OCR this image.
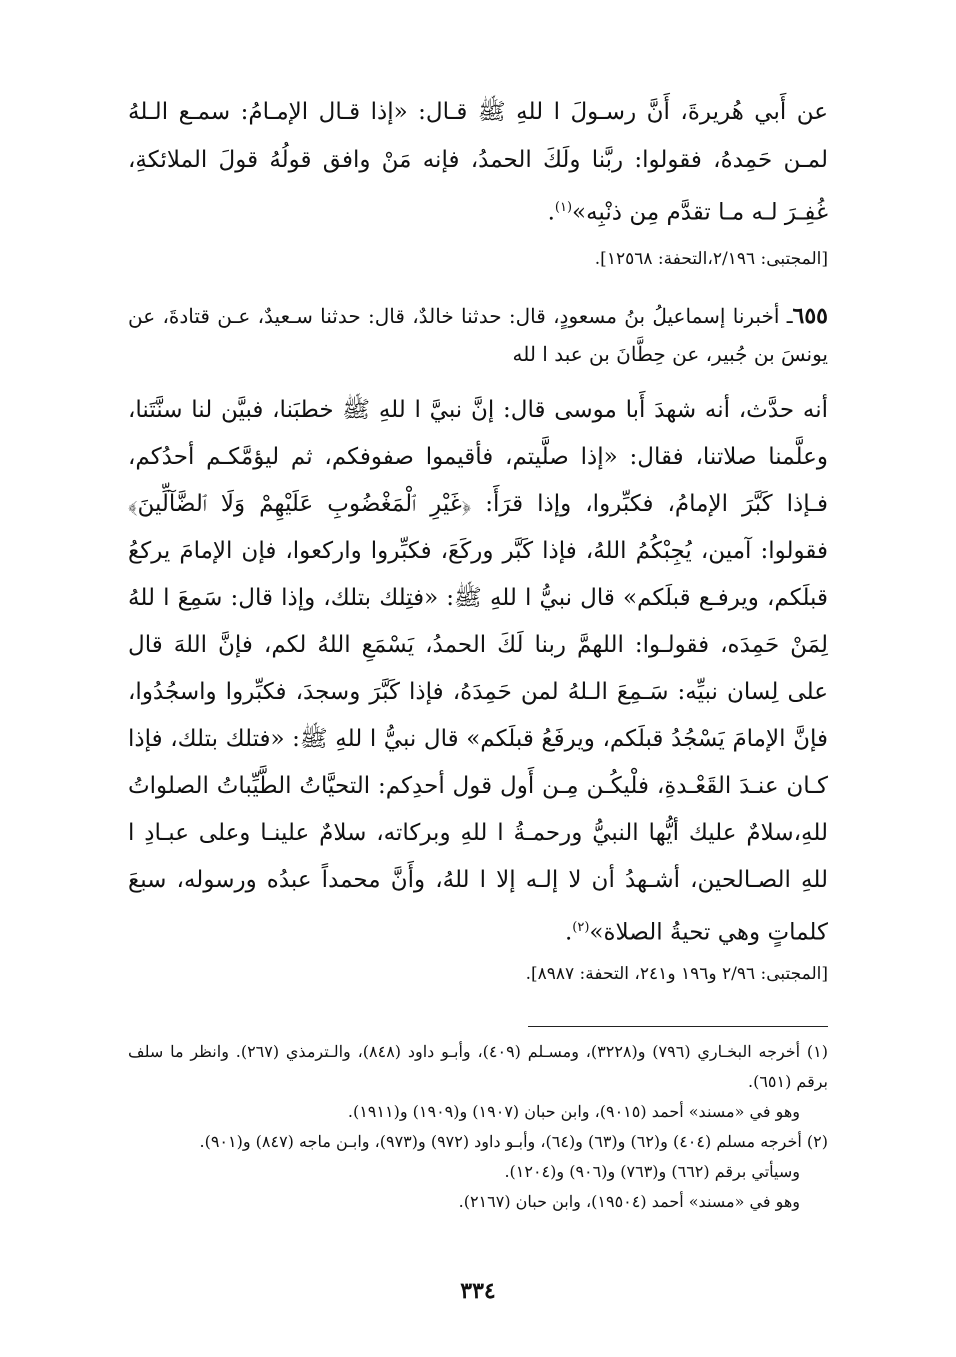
عن أَبي هُريرةَ، أَنَّ رسـولَ ا للهِ ﷺ قـال: «إذا قـال الإمـامُ: سمـع الـلهُ لمـن حَمِدهُ، فقولوا: ربَّنا ولَكَ الحمدُ، فإنه مَنْ وافق قولُهُ قولَ الملائكةِ، غُفِـرَ لـه مـا تقدَّم مِن ذنْبِه»$^{(١)}$.

[المجتبى: ٢/١٩٦،التحفة: ١٢٥٦٨].

٦٥٥ـ أخبرنا إسماعيلُ بنُ مسعودٍ، قال: حدثنا خالدٌ، قال: حدثنا سـعيدٌ، عـن قتادةَ، عن يونسَ بن جُبير، عن حِطَّانَ بن عبد ا لله

أنه حدَّث، أنه شهدَ أَبا موسى قال: إنَّ نبيَّ ا للهِ ﷺ خطبَنا، فبيَّن لنا سنَّتَنا، وعلَّمنا صلاتنا، فقال: «إذا صلَّيتم، فأقيموا صفوفكم، ثم ليؤمَّكـم أحدُكم، فـإذا كَبَّرَ الإمامُ، فكبِّروا، وإذا قرَأَ: ﴿غَيْرِ ٱلْمَغْضُوبِ عَلَيْهِمْ وَلَا ٱلضَّآلِّينَ﴾ فقولوا: آمين، يُجِبْكُمُ اللهُ، فإذا كَبَّر وركَعَ، فكبِّروا واركعوا، فإن الإمامَ يركعُ قبلَكم، ويرفـع قبلَكم» قال نبيُّ ا للهِ ﷺ: «فتِلك بتلك، وإذا قال: سَمِعَ ا للهُ لِمَنْ حَمِدَه، فقولـوا: اللهمَّ ربنا لَكَ الحمدُ، يَسْمَعِ اللهُ لكم، فإنَّ اللهَ قال على لِسان نبيِّه: سَـمِعَ الـلهُ لمن حَمِدَهُ، فإذا كَبَّرَ وسجدَ، فكبِّروا واسجُدُوا، فإنَّ الإمامَ يَسْجُدُ قبلَكم، ويرفَعُ قبلَكم» قال نبيُّ ا للهِ ﷺ: «فتلك بتلك، فإذا كـان عنـدَ القَعْـدةِ، فلْيكُـن مِـن أَول قول أحدِكم: التحيَّاتُ الطَّيِّباتُ الصلواتُ للهِ،سلامٌ عليك أيُّها النبيُّ ورحمـةُ ا للهِ وبركاته، سلامٌ علينـا وعلى عبـادِ ا للهِ الصـالحين، أشـهدُ أن لا إلـه إلا ا للهُ، وأَنَّ محمداً عبدُه ورسوله، سبعَ كلماتٍ وهي تحيةُ الصلاة»$^{(٢)}$.

[المجتبى: ٢/٩٦ و١٩٦ و٢٤١، التحفة: ٨٩٨٧].

(١) أخرجه البخـاري (٧٩٦) و(٣٢٢٨)، ومسـلم (٤٠٩)، وأبـو داود (٨٤٨)، والـترمذي (٢٦٧). وانظر ما سلف برقم (٦٥١).

وهو في «مسند» أحمد (٩٠١٥)، وابن حبان (١٩٠٧) و(١٩٠٩) و(١٩١١).

(٢) أخرجه مسلم (٤٠٤) و(٦٢) و(٦٣) و(٦٤)، وأبـو داود (٩٧٢) و(٩٧٣)، وابـن ماجه (٨٤٧) و(٩٠١).

وسيأتي برقم (٦٦٢) و(٧٦٣) و(٩٠٦) و(١٢٠٤).

وهو في «مسند» أحمد (١٩٥٠٤)، وابن حبان (٢١٦٧).

٣٣٤
